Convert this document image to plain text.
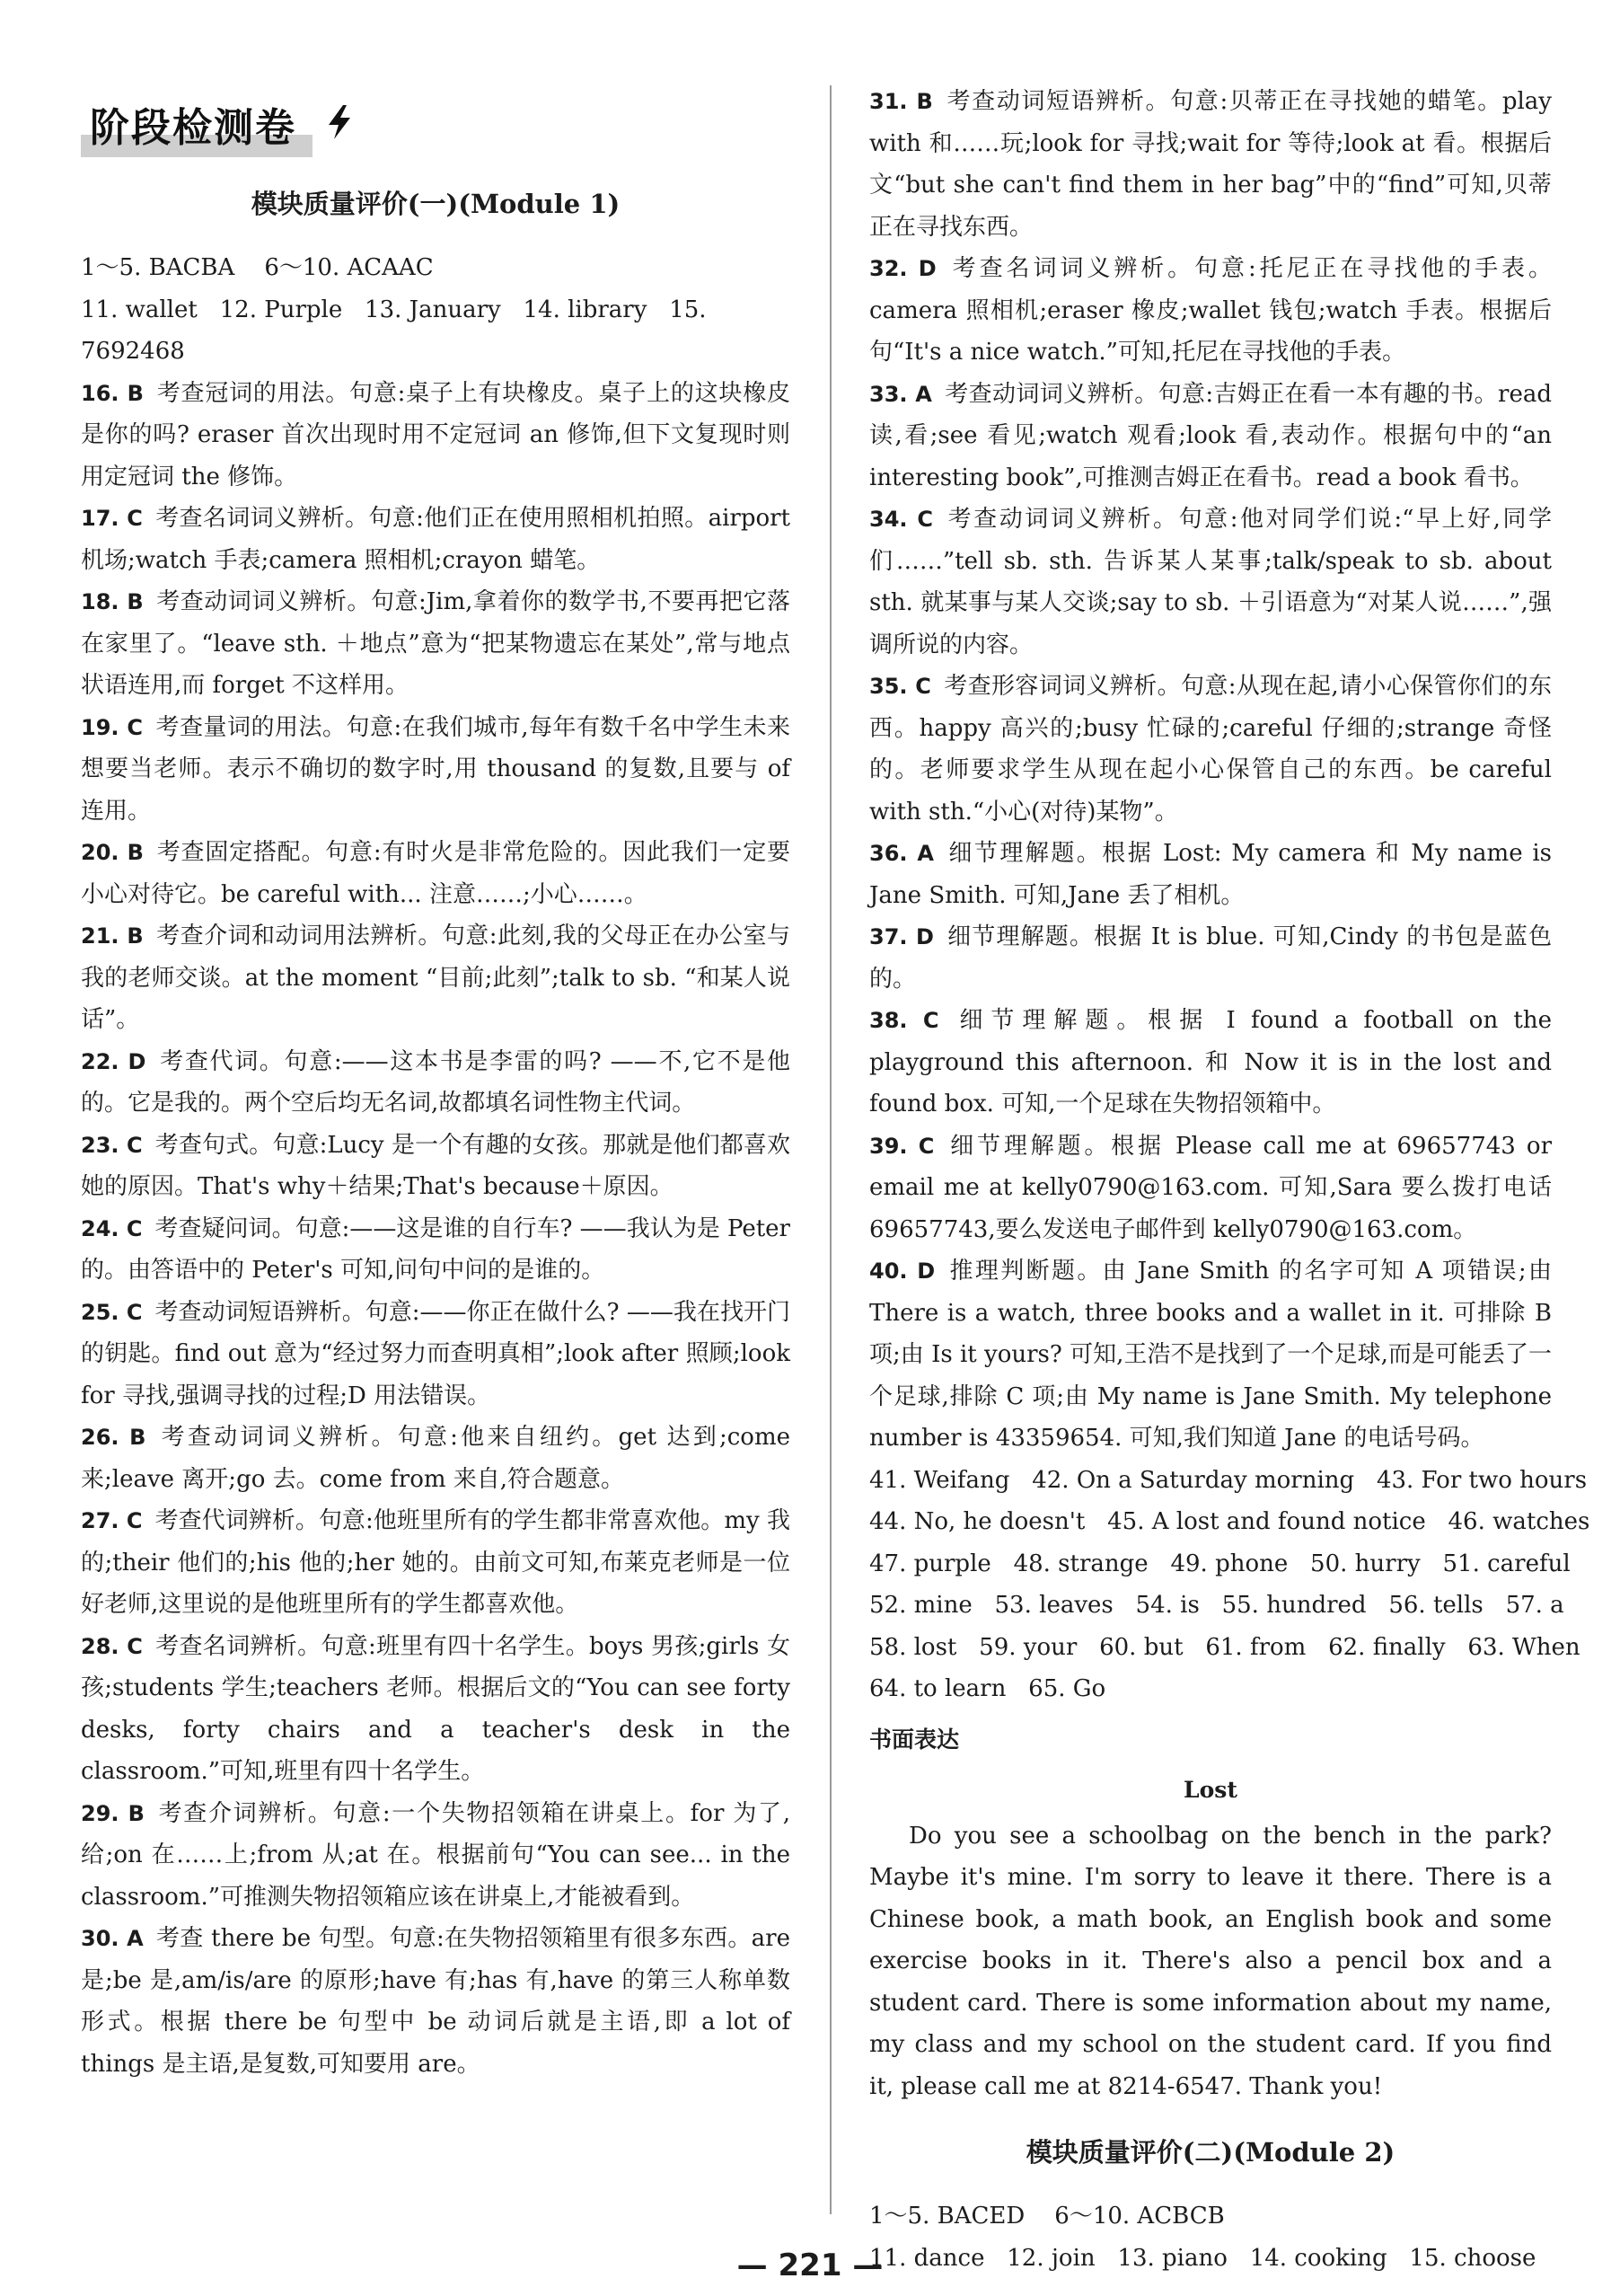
阶段检测卷
模块质量评价(一)(Module 1)

1～5. BACBA    6～10. ACAAC

11. wallet   12. Purple   13. January   14. library   15. 7692468

16. B 考查冠词的用法。句意:桌子上有块橡皮。桌子上的这块橡皮是你的吗? eraser 首次出现时用不定冠词 an 修饰,但下文复现时则用定冠词 the 修饰。

17. C 考查名词词义辨析。句意:他们正在使用照相机拍照。airport 机场;watch 手表;camera 照相机;crayon 蜡笔。

18. B 考查动词词义辨析。句意:Jim,拿着你的数学书,不要再把它落在家里了。“leave sth. ＋地点”意为“把某物遗忘在某处”,常与地点状语连用,而 forget 不这样用。

19. C 考查量词的用法。句意:在我们城市,每年有数千名中学生未来想要当老师。表示不确切的数字时,用 thousand 的复数,且要与 of 连用。

20. B 考查固定搭配。句意:有时火是非常危险的。因此我们一定要小心对待它。be careful with... 注意……;小心……。

21. B 考查介词和动词用法辨析。句意:此刻,我的父母正在办公室与我的老师交谈。at the moment “目前;此刻”;talk to sb. “和某人说话”。

22. D 考查代词。句意:——这本书是李雷的吗? ——不,它不是他的。它是我的。两个空后均无名词,故都填名词性物主代词。

23. C 考查句式。句意:Lucy 是一个有趣的女孩。那就是他们都喜欢她的原因。That's why＋结果;That's because＋原因。

24. C 考查疑问词。句意:——这是谁的自行车? ——我认为是 Peter 的。由答语中的 Peter's 可知,问句中问的是谁的。

25. C 考查动词短语辨析。句意:——你正在做什么? ——我在找开门的钥匙。find out 意为“经过努力而查明真相”;look after 照顾;look for 寻找,强调寻找的过程;D 用法错误。

26. B 考查动词词义辨析。句意:他来自纽约。get 达到;come 来;leave 离开;go 去。come from 来自,符合题意。

27. C 考查代词辨析。句意:他班里所有的学生都非常喜欢他。my 我的;their 他们的;his 他的;her 她的。由前文可知,布莱克老师是一位好老师,这里说的是他班里所有的学生都喜欢他。

28. C 考查名词辨析。句意:班里有四十名学生。boys 男孩;girls 女孩;students 学生;teachers 老师。根据后文的“You can see forty desks, forty chairs and a teacher's desk in the classroom.”可知,班里有四十名学生。

29. B 考查介词辨析。句意:一个失物招领箱在讲桌上。for 为了,给;on 在……上;from 从;at 在。根据前句“You can see... in the classroom.”可推测失物招领箱应该在讲桌上,才能被看到。

30. A 考查 there be 句型。句意:在失物招领箱里有很多东西。are 是;be 是,am/is/are 的原形;have 有;has 有,have 的第三人称单数形式。根据 there be 句型中 be 动词后就是主语,即 a lot of things 是主语,是复数,可知要用 are。

31. B 考查动词短语辨析。句意:贝蒂正在寻找她的蜡笔。play with 和……玩;look for 寻找;wait for 等待;look at 看。根据后文“but she can't find them in her bag”中的“find”可知,贝蒂正在寻找东西。

32. D 考查名词词义辨析。句意:托尼正在寻找他的手表。camera 照相机;eraser 橡皮;wallet 钱包;watch 手表。根据后句“It's a nice watch.”可知,托尼在寻找他的手表。

33. A 考查动词词义辨析。句意:吉姆正在看一本有趣的书。read 读,看;see 看见;watch 观看;look 看,表动作。根据句中的“an interesting book”,可推测吉姆正在看书。read a book 看书。

34. C 考查动词词义辨析。句意:他对同学们说:“早上好,同学们……”tell sb. sth. 告诉某人某事;talk/speak to sb. about sth. 就某事与某人交谈;say to sb. ＋引语意为“对某人说……”,强调所说的内容。

35. C 考查形容词词义辨析。句意:从现在起,请小心保管你们的东西。happy 高兴的;busy 忙碌的;careful 仔细的;strange 奇怪的。老师要求学生从现在起小心保管自己的东西。be careful with sth.“小心(对待)某物”。

36. A 细节理解题。根据 Lost: My camera 和 My name is Jane Smith. 可知,Jane 丢了相机。

37. D 细节理解题。根据 It is blue. 可知,Cindy 的书包是蓝色的。

38. C 细节理解题。根据 I found a football on the playground this afternoon. 和 Now it is in the lost and found box. 可知,一个足球在失物招领箱中。

39. C 细节理解题。根据 Please call me at 69657743 or email me at kelly0790@163.com. 可知,Sara 要么拨打电话 69657743,要么发送电子邮件到 kelly0790@163.com。

40. D 推理判断题。由 Jane Smith 的名字可知 A 项错误;由 There is a watch, three books and a wallet in it. 可排除 B 项;由 Is it yours? 可知,王浩不是找到了一个足球,而是可能丢了一个足球,排除 C 项;由 My name is Jane Smith. My telephone number is 43359654. 可知,我们知道 Jane 的电话号码。

41. Weifang   42. On a Saturday morning   43. For two hours

44. No, he doesn't   45. A lost and found notice   46. watches

47. purple   48. strange   49. phone   50. hurry   51. careful

52. mine   53. leaves   54. is   55. hundred   56. tells   57. a

58. lost   59. your   60. but   61. from   62. finally   63. When

64. to learn   65. Go

书面表达
Lost

Do you see a schoolbag on the bench in the park? Maybe it's mine. I'm sorry to leave it there. There is a Chinese book, a math book, an English book and some exercise books in it. There's also a pencil box and a student card. There is some information about my name, my class and my school on the student card. If you find it, please call me at 8214-6547. Thank you!

模块质量评价(二)(Module 2)

1～5. BACED    6～10. ACBCB

11. dance   12. join   13. piano   14. cooking   15. choose

— 221 —
